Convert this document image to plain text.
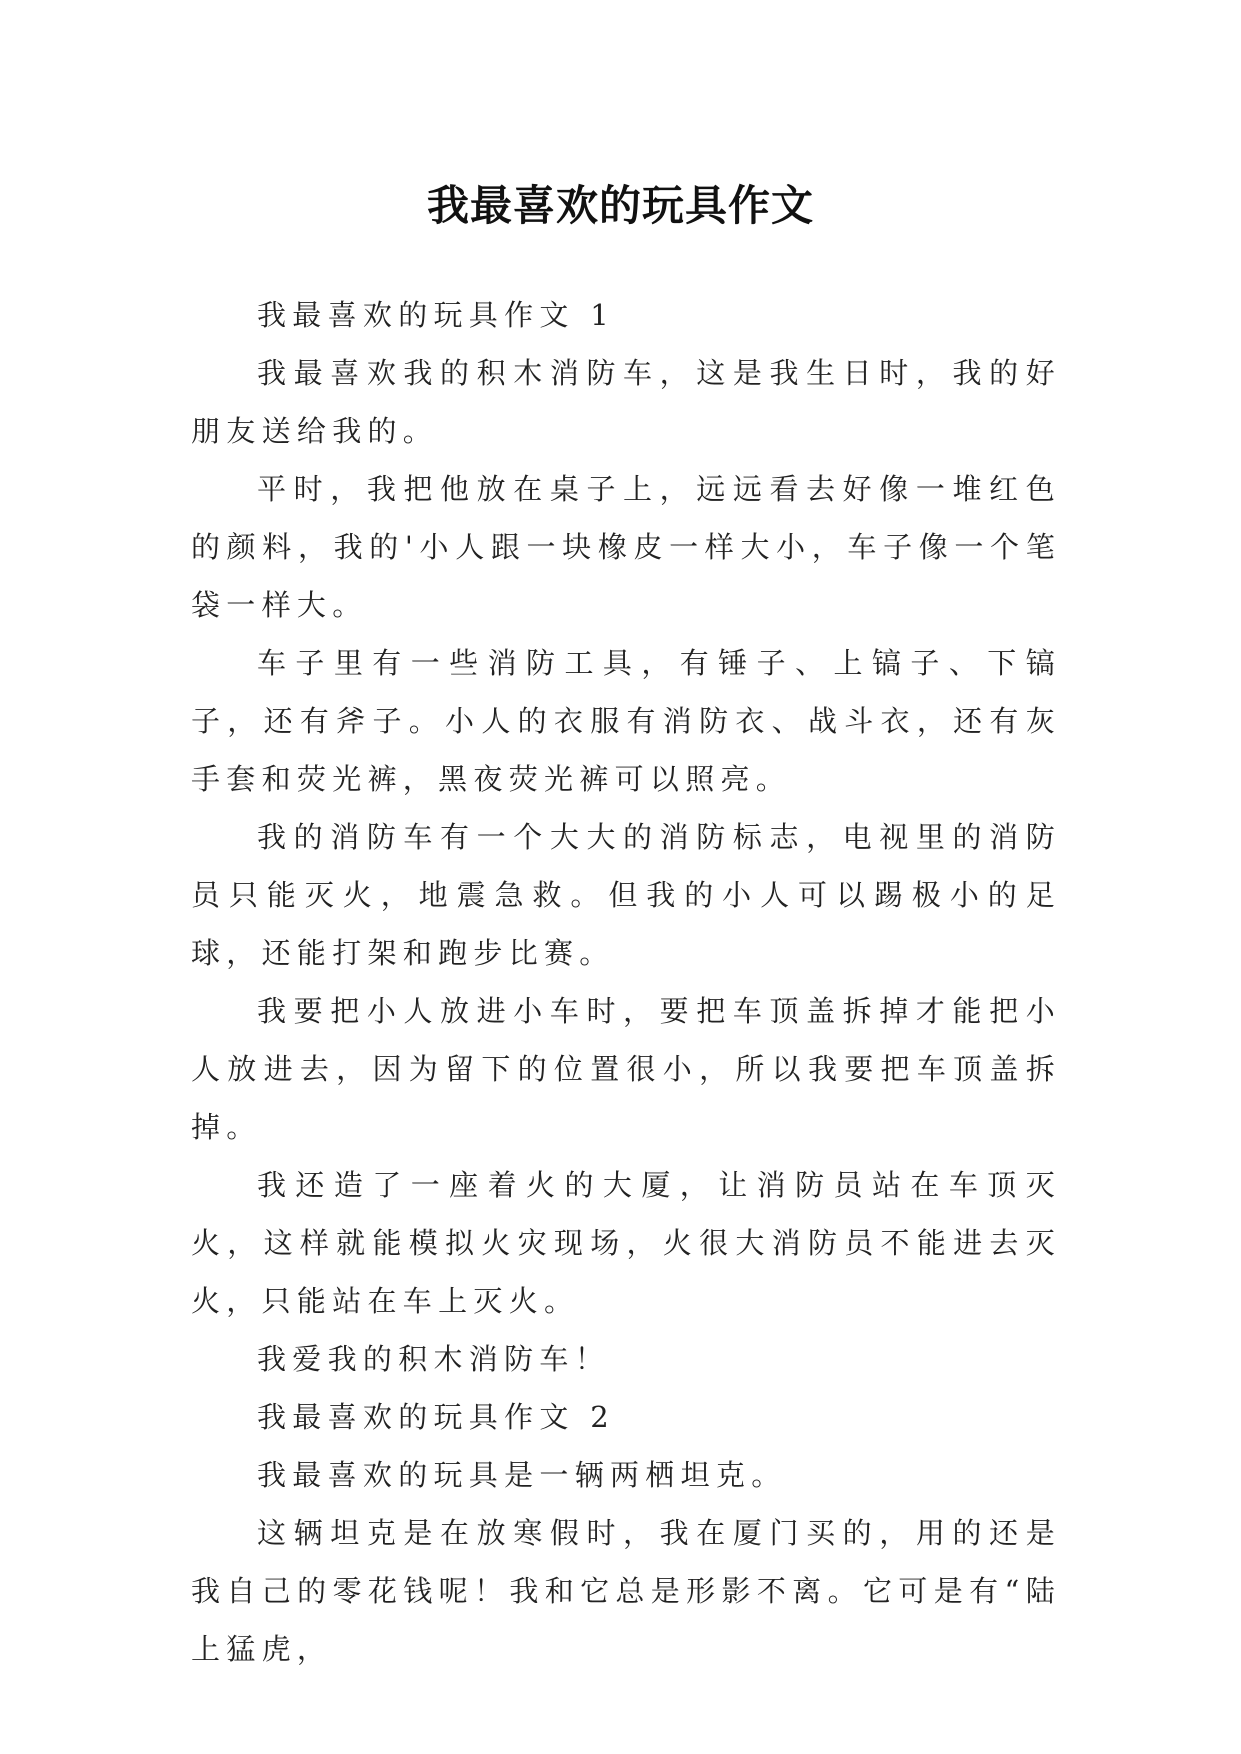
我最喜欢的玩具作文

我最喜欢的玩具作文 1

我最喜欢我的积木消防车，这是我生日时，我的好朋友送给我的。

平时，我把他放在桌子上，远远看去好像一堆红色的颜料，我的'小人跟一块橡皮一样大小，车子像一个笔袋一样大。

车子里有一些消防工具，有锤子、上镐子、下镐子，还有斧子。小人的衣服有消防衣、战斗衣，还有灰手套和荧光裤，黑夜荧光裤可以照亮。

我的消防车有一个大大的消防标志，电视里的消防员只能灭火，地震急救。但我的小人可以踢极小的足球，还能打架和跑步比赛。

我要把小人放进小车时，要把车顶盖拆掉才能把小人放进去，因为留下的位置很小，所以我要把车顶盖拆掉。

我还造了一座着火的大厦，让消防员站在车顶灭火，这样就能模拟火灾现场，火很大消防员不能进去灭火，只能站在车上灭火。

我爱我的积木消防车！

我最喜欢的玩具作文 2

我最喜欢的玩具是一辆两栖坦克。

这辆坦克是在放寒假时，我在厦门买的，用的还是我自己的零花钱呢！我和它总是形影不离。它可是有“陆上猛虎，
